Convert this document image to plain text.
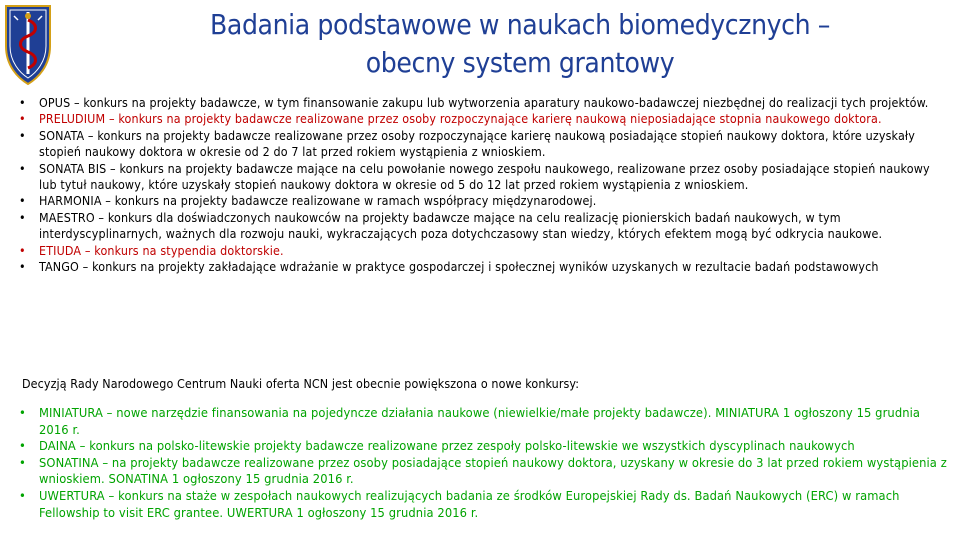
Badania podstawowe w naukach biomedycznych –
obecny system grantowy
• OPUS – konkurs na projekty badawcze, w tym finansowanie zakupu lub wytworzenia aparatury naukowo-badawczej niezbędnej do realizacji tych projektów.
• PRELUDIUM – konkurs na projekty badawcze realizowane przez osoby rozpoczynające karierę naukową nieposiadające stopnia naukowego doktora.
• SONATA – konkurs na projekty badawcze realizowane przez osoby rozpoczynające karierę naukową posiadające stopień naukowy doktora, które uzyskały stopień naukowy doktora w okresie od 2 do 7 lat przed rokiem wystąpienia z wnioskiem.
• SONATA BIS – konkurs na projekty badawcze mające na celu powołanie nowego zespołu naukowego, realizowane przez osoby posiadające stopień naukowy lub tytuł naukowy, które uzyskały stopień naukowy doktora w okresie od 5 do 12 lat przed rokiem wystąpienia z wnioskiem.
• HARMONIA – konkurs na projekty badawcze realizowane w ramach współpracy międzynarodowej.
• MAESTRO – konkurs dla doświadczonych naukowców na projekty badawcze mające na celu realizację pionierskich badań naukowych, w tym interdyscyplinarnych, ważnych dla rozwoju nauki, wykraczających poza dotychczasowy stan wiedzy, których efektem mogą być odkrycia naukowe.
• ETIUDA – konkurs na stypendia doktorskie.
• TANGO – konkurs na projekty zakładające wdrażanie w praktyce gospodarczej i społecznej wyników uzyskanych w rezultacie badań podstawowych
Decyzją Rady Narodowego Centrum Nauki oferta NCN jest obecnie powiększona o nowe konkursy:
• MINIATURA – nowe narzędzie finansowania na pojedyncze działania naukowe (niewielkie/małe projekty badawcze). MINIATURA 1 ogłoszony 15 grudnia 2016 r.
• DAINA – konkurs na polsko-litewskie projekty badawcze realizowane przez zespoły polsko-litewskie we wszystkich dyscyplinach naukowych
• SONATINA – na projekty badawcze realizowane przez osoby posiadające stopień naukowy doktora, uzyskany w okresie do 3 lat przed rokiem wystąpienia z wnioskiem. SONATINA 1 ogłoszony 15 grudnia 2016 r.
• UWERTURA – konkurs na staże w zespołach naukowych realizujących badania ze środków Europejskiej Rady ds. Badań Naukowych (ERC) w ramach Fellowship to visit ERC grantee. UWERTURA 1 ogłoszony 15 grudnia 2016 r.
